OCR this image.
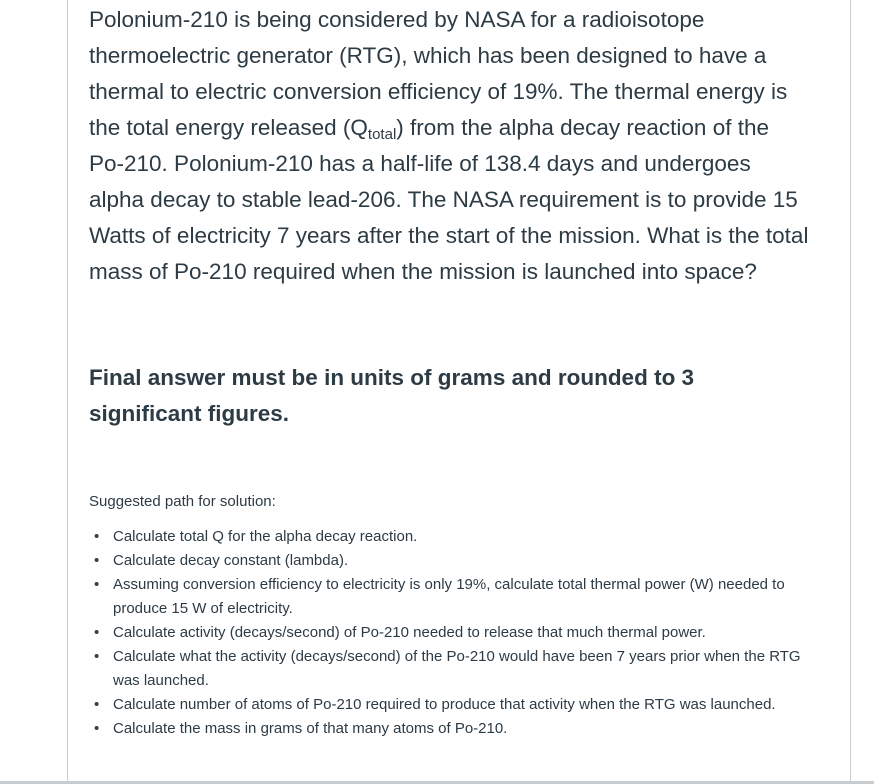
Polonium-210 is being considered by NASA for a radioisotope thermoelectric generator (RTG), which has been designed to have a thermal to electric conversion efficiency of 19%. The thermal energy is the total energy released $(Q_{total})$ from the alpha decay reaction of the Po-210. Polonium-210 has a half-life of 138.4 days and undergoes alpha decay to stable lead-206. The NASA requirement is to provide 15 Watts of electricity 7 years after the start of the mission. What is the total mass of Po-210 required when the mission is launched into space?

Final answer must be in units of grams and rounded to 3 significant figures.

Suggested path for solution:

• Calculate total Q for the alpha decay reaction.
• Calculate decay constant (lambda).
• Assuming conversion efficiency to electricity is only 19%, calculate total thermal power (W) needed to produce 15 W of electricity.
• Calculate activity (decays/second) of Po-210 needed to release that much thermal power.
• Calculate what the activity (decays/second) of the Po-210 would have been 7 years prior when the RTG was launched.
• Calculate number of atoms of Po-210 required to produce that activity when the RTG was launched.
• Calculate the mass in grams of that many atoms of Po-210.
